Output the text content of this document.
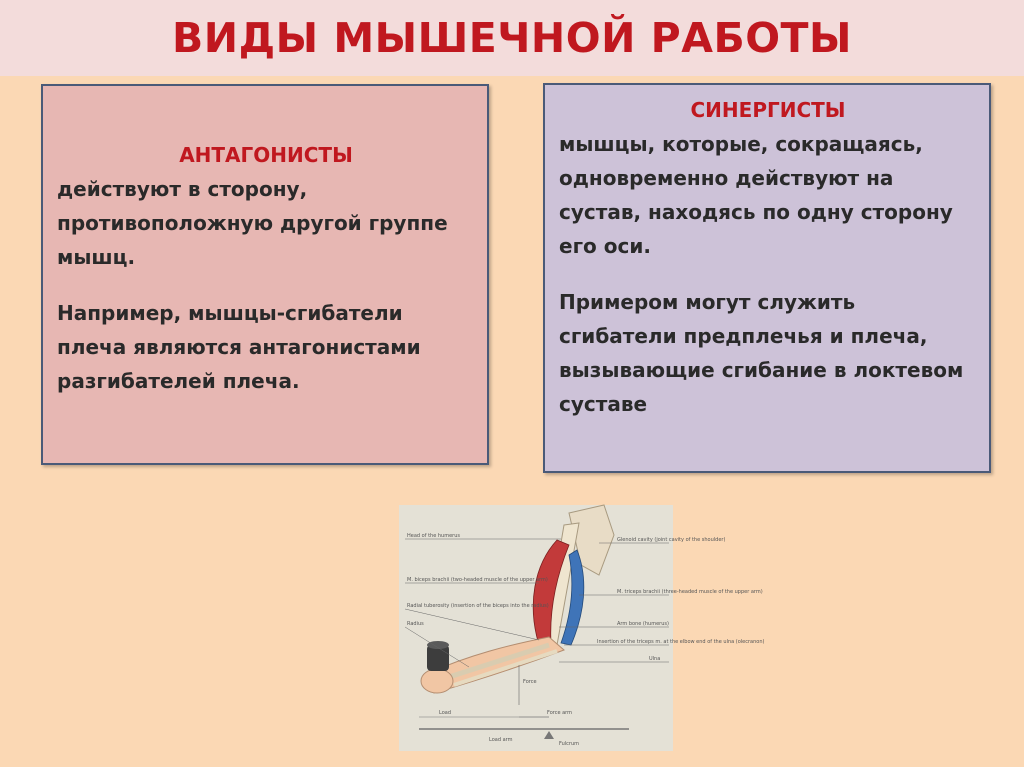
ВИДЫ МЫШЕЧНОЙ РАБОТЫ
АНТАГОНИСТЫ

действуют в сторону, противоположную другой группе мышц.

Например, мышцы-сгибатели плеча являются антагонистами разгибателей плеча.

СИНЕРГИСТЫ

мышцы, которые, сокращаясь, одновременно действуют на сустав, находясь по одну сторону его оси.

Примером могут служить сгибатели предплечья и плеча, вызывающие сгибание в локтевом суставе

Head of the humerus
M. biceps brachii (two-headed muscle of the upper arm)
Radial tuberosity (insertion of the biceps into the radius)
Radius
Glenoid cavity (joint cavity of the shoulder)
M. triceps brachii (three-headed muscle of the upper arm)
Arm bone (humerus)
Insertion of the triceps m. at the elbow end of the ulna (olecranon)
Ulna
Force
Load	Force arm
Load arm
Fulcrum
